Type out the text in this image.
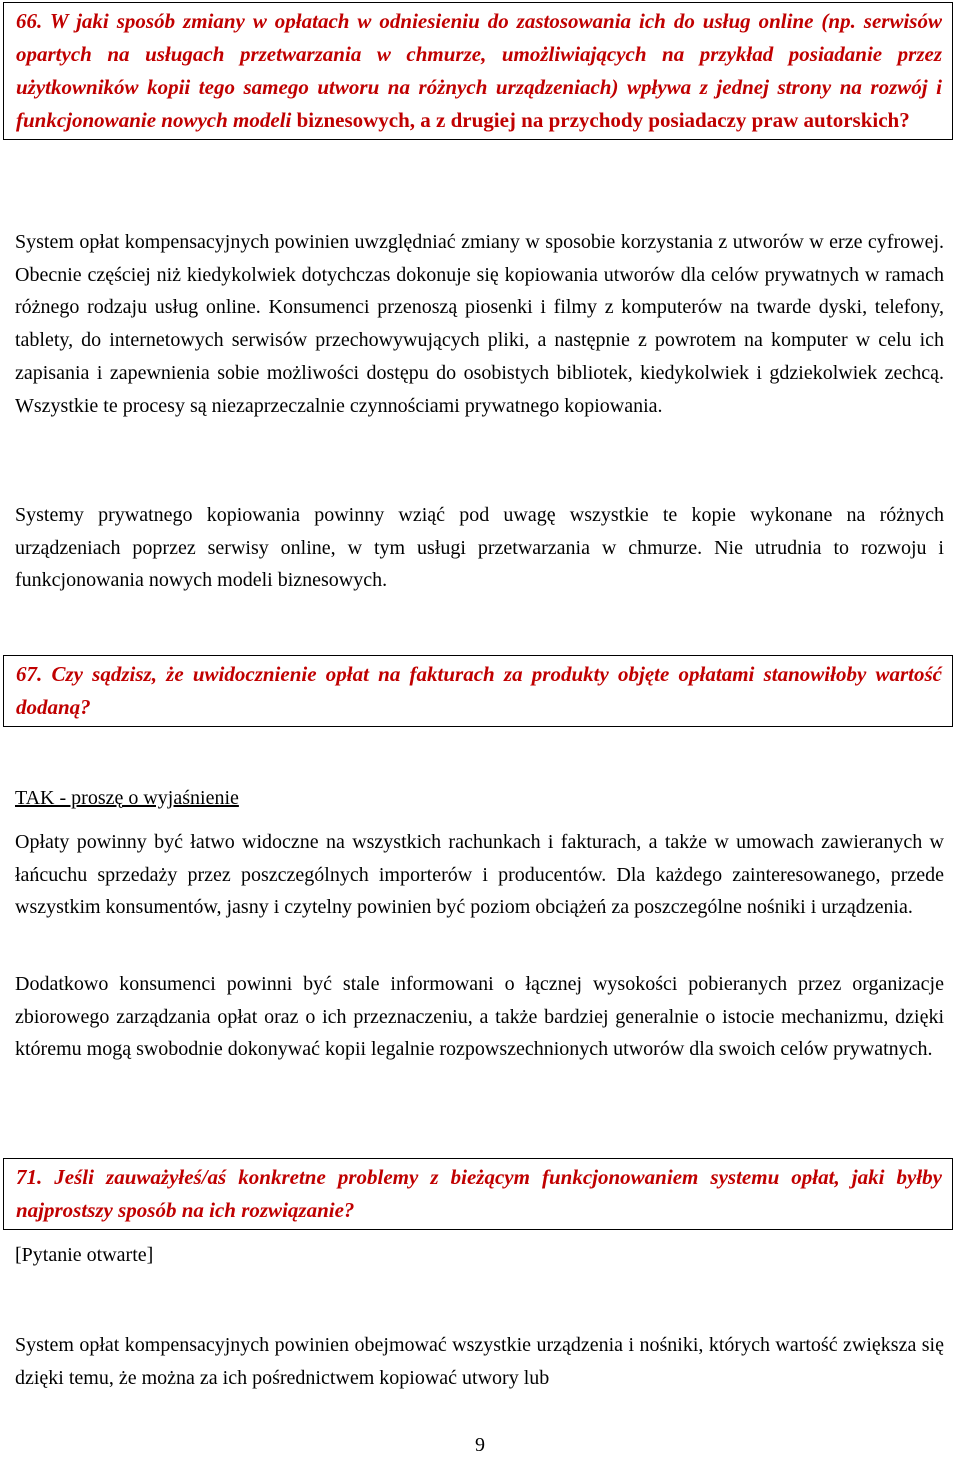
66. W jaki sposób zmiany w opłatach w odniesieniu do zastosowania ich do usług online (np. serwisów opartych na usługach przetwarzania w chmurze, umożliwiających na przykład posiadanie przez użytkowników kopii tego samego utworu na różnych urządzeniach) wpływa z jednej strony na rozwój i funkcjonowanie nowych modeli biznesowych, a z drugiej na przychody posiadaczy praw autorskich?

System opłat kompensacyjnych powinien uwzględniać zmiany w sposobie korzystania z utworów w erze cyfrowej. Obecnie częściej niż kiedykolwiek dotychczas dokonuje się kopiowania utworów dla celów prywatnych w ramach różnego rodzaju usług online. Konsumenci przenoszą piosenki i filmy z komputerów na twarde dyski, telefony, tablety, do internetowych serwisów przechowywujących pliki, a następnie z powrotem na komputer w celu ich zapisania i zapewnienia sobie możliwości dostępu do osobistych bibliotek, kiedykolwiek i gdziekolwiek zechcą. Wszystkie te procesy są niezaprzeczalnie czynnościami prywatnego kopiowania.

Systemy prywatnego kopiowania powinny wziąć pod uwagę wszystkie te kopie wykonane na różnych urządzeniach poprzez serwisy online, w tym usługi przetwarzania w chmurze. Nie utrudnia to rozwoju i funkcjonowania nowych modeli biznesowych.

67. Czy sądzisz, że uwidocznienie opłat na fakturach za produkty objęte opłatami stanowiłoby wartość dodaną?
TAK - proszę o wyjaśnienie

Opłaty powinny być łatwo widoczne na wszystkich rachunkach i fakturach, a także w umowach zawieranych w łańcuchu sprzedaży przez poszczególnych importerów i producentów. Dla każdego zainteresowanego, przede wszystkim konsumentów, jasny i czytelny powinien być poziom obciążeń za poszczególne nośniki i urządzenia.

Dodatkowo konsumenci powinni być stale informowani o łącznej wysokości pobieranych przez organizacje zbiorowego zarządzania opłat oraz o ich przeznaczeniu, a także bardziej generalnie o istocie mechanizmu, dzięki któremu mogą swobodnie dokonywać kopii legalnie rozpowszechnionych utworów dla swoich celów prywatnych.

71. Jeśli zauważyłeś/aś konkretne problemy z bieżącym funkcjonowaniem systemu opłat, jaki byłby najprostszy sposób na ich rozwiązanie?

[Pytanie otwarte]

System opłat kompensacyjnych powinien obejmować wszystkie urządzenia i nośniki, których wartość zwiększa się dzięki temu, że można za ich pośrednictwem kopiować utwory lub

9
